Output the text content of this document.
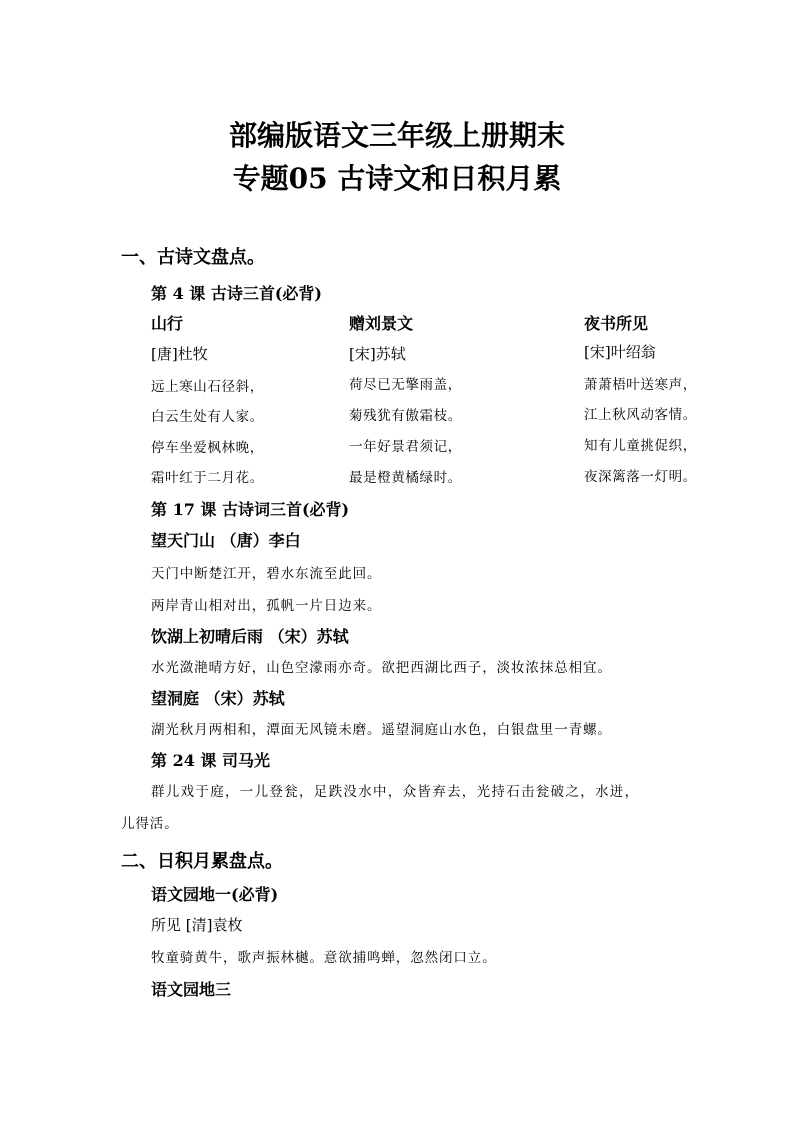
部编版语文三年级上册期末
专题05 古诗文和日积月累
一、古诗文盘点。
第 4 课 古诗三首(必背)
山行
[唐]杜牧
远上寒山石径斜，
白云生处有人家。
停车坐爱枫林晚，
霜叶红于二月花。
赠刘景文
[宋]苏轼
荷尽已无擎雨盖，
菊残犹有傲霜枝。
一年好景君须记，
最是橙黄橘绿时。
夜书所见
[宋]叶绍翁
萧萧梧叶送寒声，
江上秋风动客情。
知有儿童挑促织，
夜深篱落一灯明。
第 17 课 古诗词三首(必背)
望天门山 （唐）李白
天门中断楚江开，碧水东流至此回。
两岸青山相对出，孤帆一片日边来。
饮湖上初晴后雨 （宋）苏轼
水光潋滟晴方好，山色空濛雨亦奇。欲把西湖比西子，淡妆浓抹总相宜。
望洞庭 （宋）苏轼
湖光秋月两相和，潭面无风镜未磨。遥望洞庭山水色，白银盘里一青螺。
第 24 课 司马光
群儿戏于庭，一儿登瓮，足跌没水中，众皆弃去，光持石击瓮破之，水迸，
儿得活。
二、日积月累盘点。
语文园地一(必背)
所见 [清]袁枚
牧童骑黄牛，歌声振林樾。意欲捕鸣蝉，忽然闭口立。
语文园地三
